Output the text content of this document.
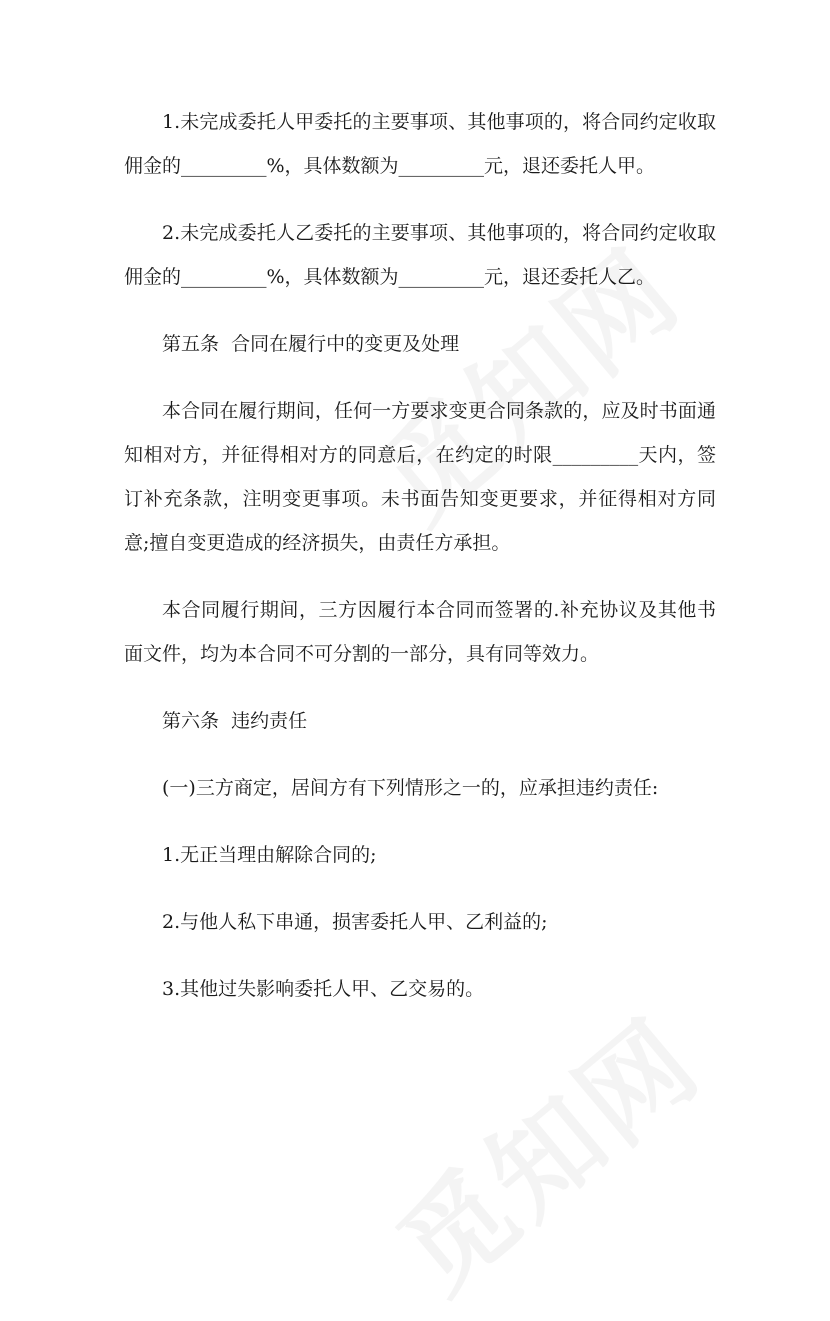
1.未完成委托人甲委托的主要事项、其他事项的，将合同约定收取佣金的_________%，具体数额为_________元，退还委托人甲。

2.未完成委托人乙委托的主要事项、其他事项的，将合同约定收取佣金的_________%，具体数额为_________元，退还委托人乙。

第五条  合同在履行中的变更及处理

本合同在履行期间，任何一方要求变更合同条款的，应及时书面通知相对方，并征得相对方的同意后，在约定的时限_________天内，签订补充条款，注明变更事项。未书面告知变更要求，并征得相对方同意;擅自变更造成的经济损失，由责任方承担。

本合同履行期间，三方因履行本合同而签署的.补充协议及其他书面文件，均为本合同不可分割的一部分，具有同等效力。

第六条  违约责任

(一)三方商定，居间方有下列情形之一的，应承担违约责任:

1.无正当理由解除合同的;

2.与他人私下串通，损害委托人甲、乙利益的;

3.其他过失影响委托人甲、乙交易的。
